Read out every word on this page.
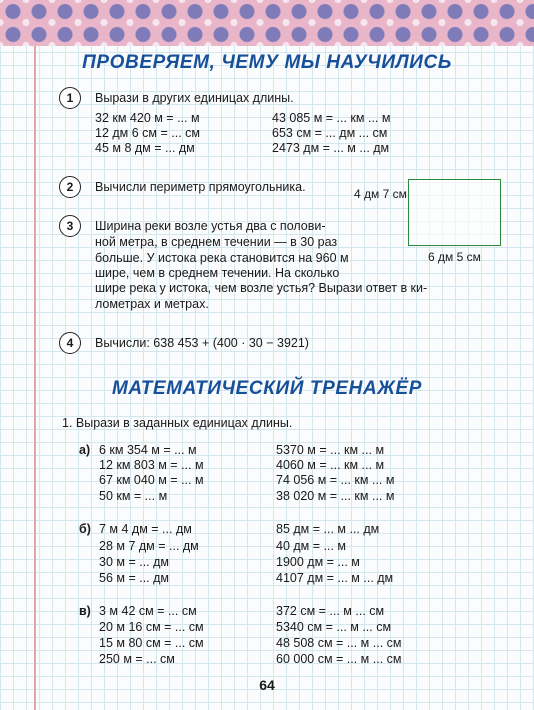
ПРОВЕРЯЕМ, ЧЕМУ МЫ НАУЧИЛИСЬ
1	Вырази в других единицах длины.
32 км 420 м = ... м	43 085 м = ... км ... м
12 дм 6 см = ... см	653 см = ... дм ... см
45 м 8 дм = ... дм	2473 дм = ... м ... дм
2	Вычисли периметр прямоугольника.	4 дм 7 см
6 дм 5 см
3	Ширина реки возле устья два с полови-
ной метра, в среднем течении — в 30 раз
больше. У истока река становится на 960 м
шире, чем в среднем течении. На сколько
шире река у истока, чем возле устья? Вырази ответ в ки-
лометрах и метрах.
4	Вычисли: 638 453 + (400 · 30 − 3921)
МАТЕМАТИЧЕСКИЙ ТРЕНАЖЁР
1. Вырази в заданных единицах длины.
а) 6 км 354 м = ... м	5370 м = ... км ... м
12 км 803 м = ... м	4060 м = ... км ... м
67 км 040 м = ... м	74 056 м = ... км ... м
50 км = ... м	38 020 м = ... км ... м
б) 7 м 4 дм = ... дм	85 дм = ... м ... дм
28 м 7 дм = ... дм	40 дм = ... м
30 м = ... дм	1900 дм = ... м
56 м = ... дм	4107 дм = ... м ... дм
в) 3 м 42 см = ... см	372 см = ... м ... см
20 м 16 см = ... см	5340 см = ... м ... см
15 м 80 см = ... см	48 508 см = ... м ... см
250 м = ... см	60 000 см = ... м ... см
64
